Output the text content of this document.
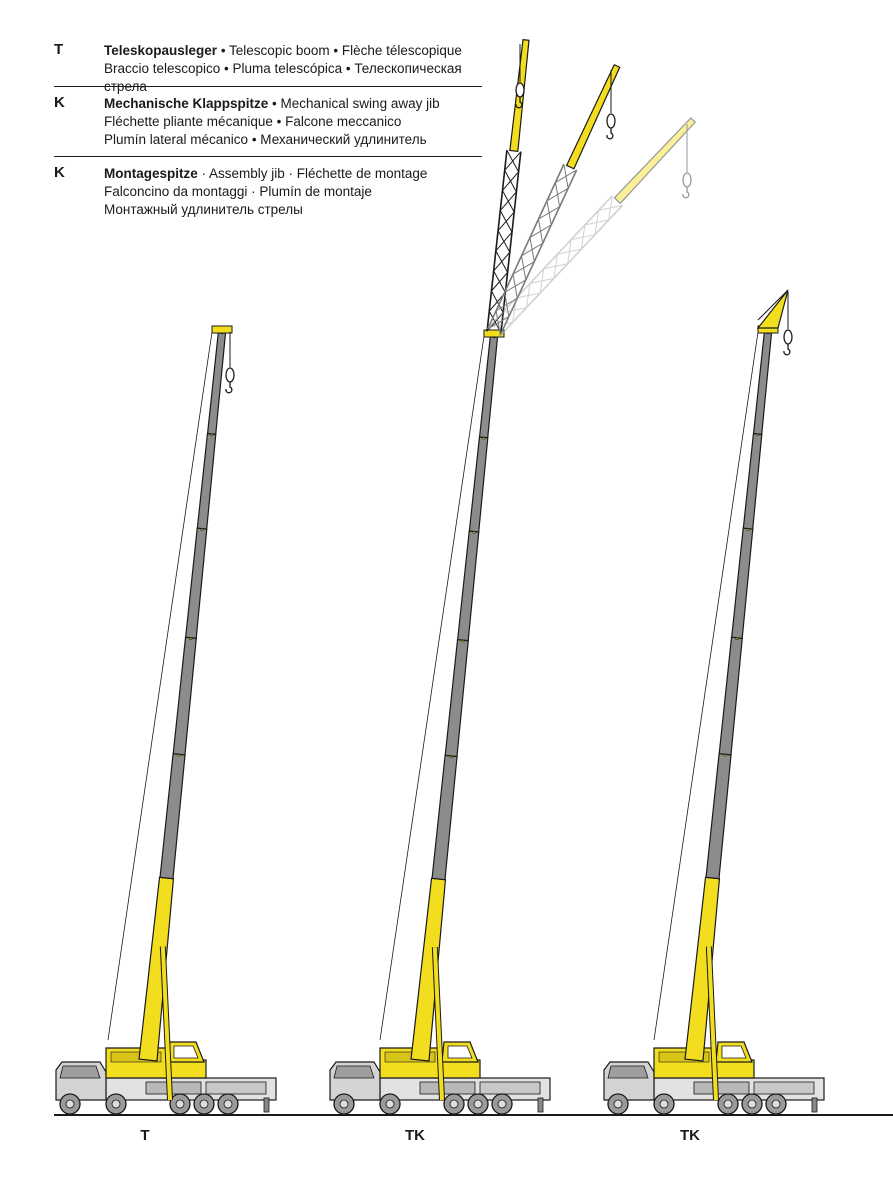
T	Teleskopausleger • Telescopic boom • Flèche télescopique
Braccio telescopico • Pluma telescópica • Телескопическая стрела
K	Mechanische Klappspitze • Mechanical swing away jib
Fléchette pliante mécanique • Falcone meccanico
Plumín lateral mécanico • Механический удлинитель
K	Montagespitze · Assembly jib · Fléchette de montage
Falconcino da montaggi · Plumín de montaje
Монтажный удлинитель стрелы
T	TK	TK
